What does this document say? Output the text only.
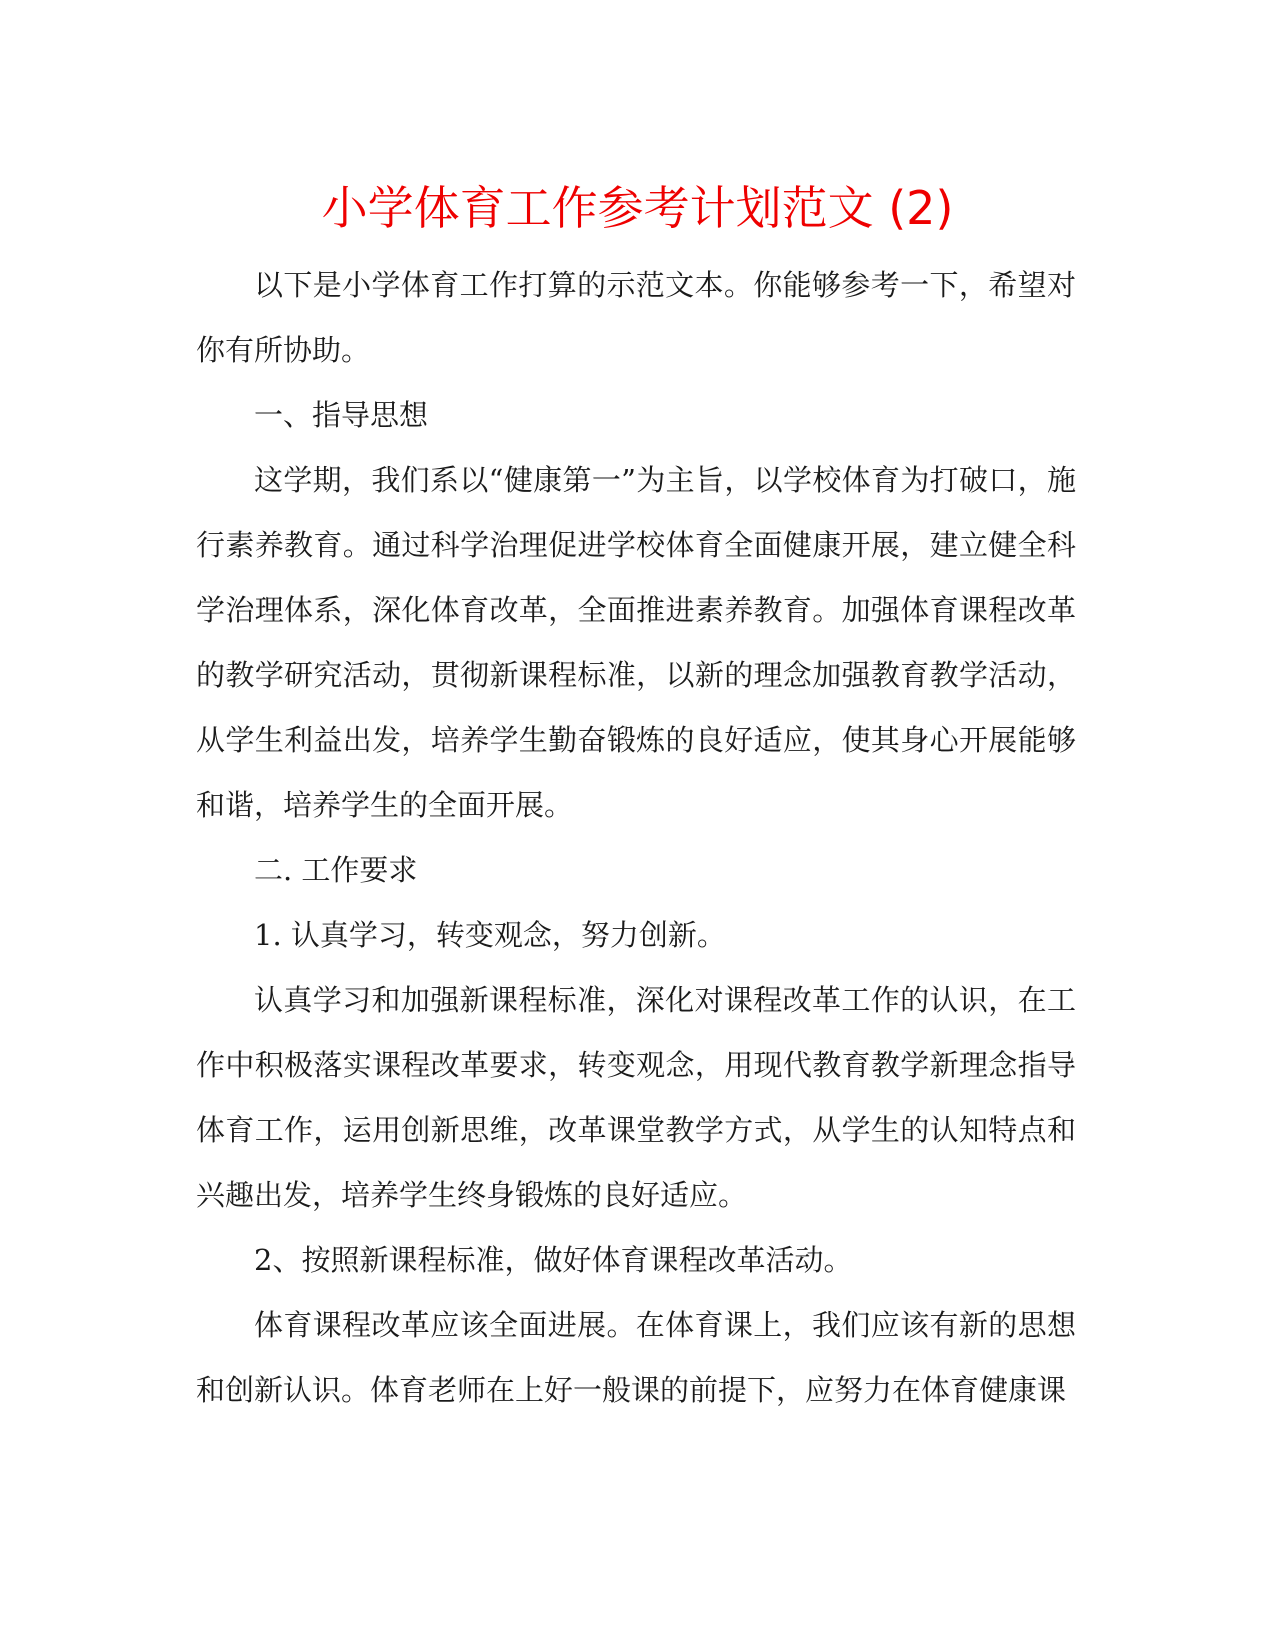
小学体育工作参考计划范文 (2)

以下是小学体育工作打算的示范文本。你能够参考一下，希望对你有所协助。

一、指导思想

这学期，我们系以“健康第一”为主旨，以学校体育为打破口，施行素养教育。通过科学治理促进学校体育全面健康开展，建立健全科学治理体系，深化体育改革，全面推进素养教育。加强体育课程改革的教学研究活动，贯彻新课程标准，以新的理念加强教育教学活动，从学生利益出发，培养学生勤奋锻炼的良好适应，使其身心开展能够和谐，培养学生的全面开展。

二. 工作要求

1. 认真学习，转变观念，努力创新。

认真学习和加强新课程标准，深化对课程改革工作的认识，在工作中积极落实课程改革要求，转变观念，用现代教育教学新理念指导体育工作，运用创新思维，改革课堂教学方式，从学生的认知特点和兴趣出发，培养学生终身锻炼的良好适应。

2、按照新课程标准，做好体育课程改革活动。

体育课程改革应该全面进展。在体育课上，我们应该有新的思想和创新认识。体育老师在上好一般课的前提下，应努力在体育健康课
